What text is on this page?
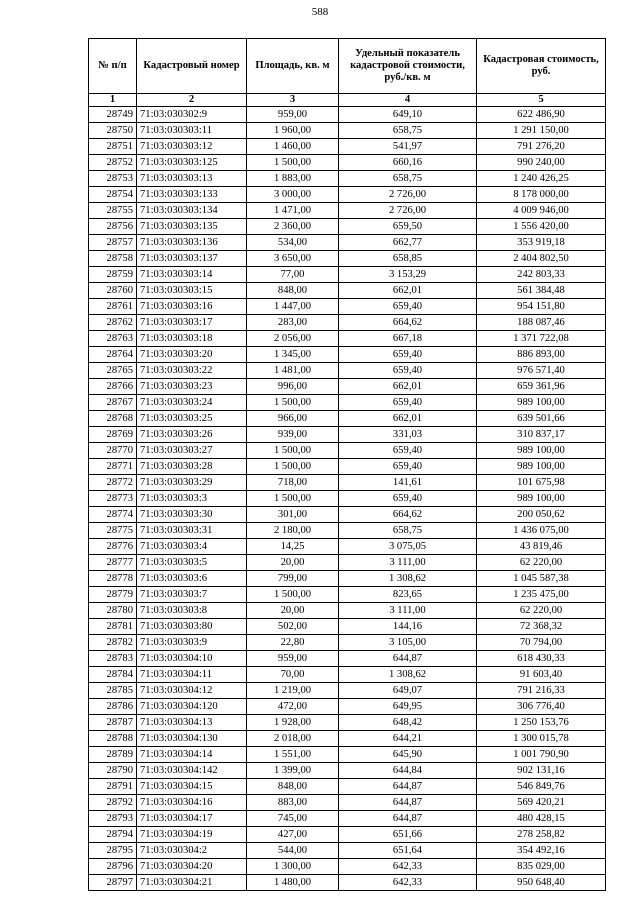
588
№ п/п	Кадастровый номер	Площадь, кв. м	Удельный показатель кадастровой стоимости, руб./кв. м	Кадастровая стоимость, руб.
1	2	3	4	5
28749	71:03:030302:9	959,00	649,10	622 486,90
28750	71:03:030303:11	1 960,00	658,75	1 291 150,00
28751	71:03:030303:12	1 460,00	541,97	791 276,20
28752	71:03:030303:125	1 500,00	660,16	990 240,00
28753	71:03:030303:13	1 883,00	658,75	1 240 426,25
28754	71:03:030303:133	3 000,00	2 726,00	8 178 000,00
28755	71:03:030303:134	1 471,00	2 726,00	4 009 946,00
28756	71:03:030303:135	2 360,00	659,50	1 556 420,00
28757	71:03:030303:136	534,00	662,77	353 919,18
28758	71:03:030303:137	3 650,00	658,85	2 404 802,50
28759	71:03:030303:14	77,00	3 153,29	242 803,33
28760	71:03:030303:15	848,00	662,01	561 384,48
28761	71:03:030303:16	1 447,00	659,40	954 151,80
28762	71:03:030303:17	283,00	664,62	188 087,46
28763	71:03:030303:18	2 056,00	667,18	1 371 722,08
28764	71:03:030303:20	1 345,00	659,40	886 893,00
28765	71:03:030303:22	1 481,00	659,40	976 571,40
28766	71:03:030303:23	996,00	662,01	659 361,96
28767	71:03:030303:24	1 500,00	659,40	989 100,00
28768	71:03:030303:25	966,00	662,01	639 501,66
28769	71:03:030303:26	939,00	331,03	310 837,17
28770	71:03:030303:27	1 500,00	659,40	989 100,00
28771	71:03:030303:28	1 500,00	659,40	989 100,00
28772	71:03:030303:29	718,00	141,61	101 675,98
28773	71:03:030303:3	1 500,00	659,40	989 100,00
28774	71:03:030303:30	301,00	664,62	200 050,62
28775	71:03:030303:31	2 180,00	658,75	1 436 075,00
28776	71:03:030303:4	14,25	3 075,05	43 819,46
28777	71:03:030303:5	20,00	3 111,00	62 220,00
28778	71:03:030303:6	799,00	1 308,62	1 045 587,38
28779	71:03:030303:7	1 500,00	823,65	1 235 475,00
28780	71:03:030303:8	20,00	3 111,00	62 220,00
28781	71:03:030303:80	502,00	144,16	72 368,32
28782	71:03:030303:9	22,80	3 105,00	70 794,00
28783	71:03:030304:10	959,00	644,87	618 430,33
28784	71:03:030304:11	70,00	1 308,62	91 603,40
28785	71:03:030304:12	1 219,00	649,07	791 216,33
28786	71:03:030304:120	472,00	649,95	306 776,40
28787	71:03:030304:13	1 928,00	648,42	1 250 153,76
28788	71:03:030304:130	2 018,00	644,21	1 300 015,78
28789	71:03:030304:14	1 551,00	645,90	1 001 790,90
28790	71:03:030304:142	1 399,00	644,84	902 131,16
28791	71:03:030304:15	848,00	644,87	546 849,76
28792	71:03:030304:16	883,00	644,87	569 420,21
28793	71:03:030304:17	745,00	644,87	480 428,15
28794	71:03:030304:19	427,00	651,66	278 258,82
28795	71:03:030304:2	544,00	651,64	354 492,16
28796	71:03:030304:20	1 300,00	642,33	835 029,00
28797	71:03:030304:21	1 480,00	642,33	950 648,40
